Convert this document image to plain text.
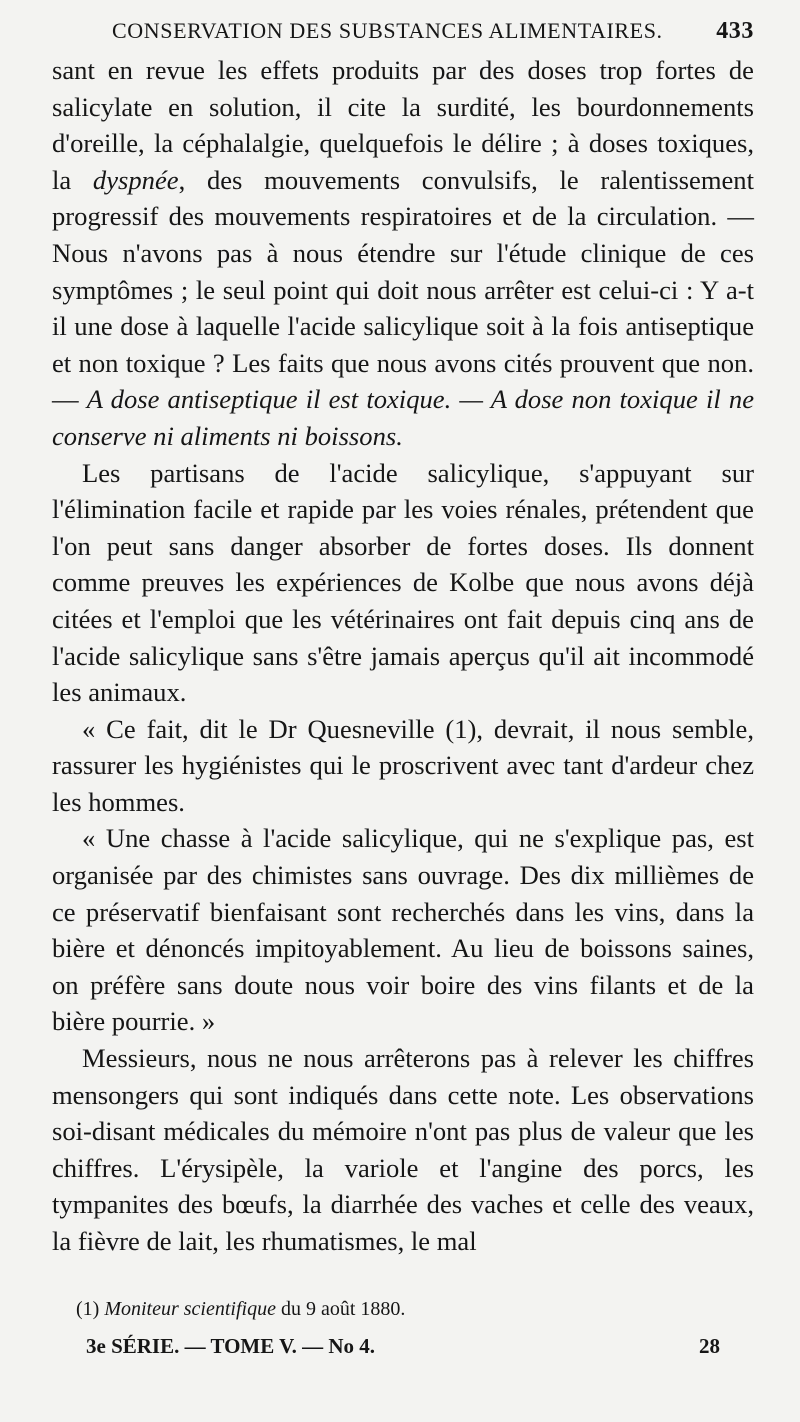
CONSERVATION DES SUBSTANCES ALIMENTAIRES. 433

sant en revue les effets produits par des doses trop fortes de salicylate en solution, il cite la surdité, les bourdonnements d'oreille, la céphalalgie, quelquefois le délire ; à doses toxiques, la dyspnée, des mouvements convulsifs, le ralentissement progressif des mouvements respiratoires et de la circulation. — Nous n'avons pas à nous étendre sur l'étude clinique de ces symptômes ; le seul point qui doit nous arrêter est celui-ci : Y a-t il une dose à laquelle l'acide salicylique soit à la fois antiseptique et non toxique ? Les faits que nous avons cités prouvent que non. — A dose antiseptique il est toxique. — A dose non toxique il ne conserve ni aliments ni boissons.

Les partisans de l'acide salicylique, s'appuyant sur l'élimination facile et rapide par les voies rénales, prétendent que l'on peut sans danger absorber de fortes doses. Ils donnent comme preuves les expériences de Kolbe que nous avons déjà citées et l'emploi que les vétérinaires ont fait depuis cinq ans de l'acide salicylique sans s'être jamais aperçus qu'il ait incommodé les animaux.

« Ce fait, dit le Dr Quesneville (1), devrait, il nous semble, rassurer les hygiénistes qui le proscrivent avec tant d'ardeur chez les hommes.

« Une chasse à l'acide salicylique, qui ne s'explique pas, est organisée par des chimistes sans ouvrage. Des dix millièmes de ce préservatif bienfaisant sont recherchés dans les vins, dans la bière et dénoncés impitoyablement. Au lieu de boissons saines, on préfère sans doute nous voir boire des vins filants et de la bière pourrie. »

Messieurs, nous ne nous arrêterons pas à relever les chiffres mensongers qui sont indiqués dans cette note. Les observations soi-disant médicales du mémoire n'ont pas plus de valeur que les chiffres. L'érysipèle, la variole et l'angine des porcs, les tympanites des bœufs, la diarrhée des vaches et celle des veaux, la fièvre de lait, les rhumatismes, le mal

(1) Moniteur scientifique du 9 août 1880.
3e SÉRIE. — TOME V. — No 4.	28
